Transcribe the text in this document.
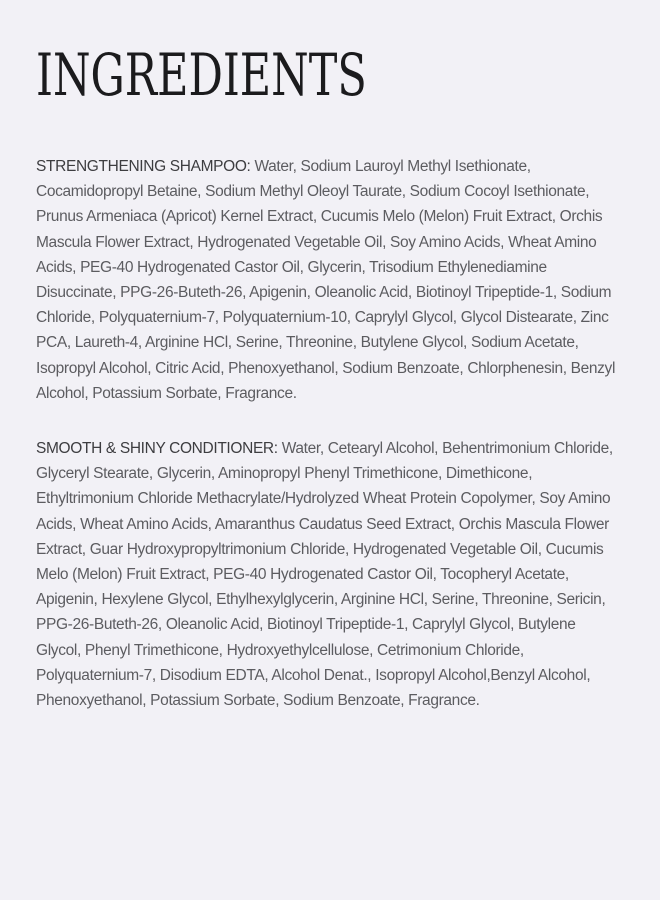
INGREDIENTS

STRENGTHENING SHAMPOO: Water, Sodium Lauroyl Methyl Isethionate, Cocamidopropyl Betaine, Sodium Methyl Oleoyl Taurate, Sodium Cocoyl Isethionate, Prunus Armeniaca (Apricot) Kernel Extract, Cucumis Melo (Melon) Fruit Extract, Orchis Mascula Flower Extract, Hydrogenated Vegetable Oil, Soy Amino Acids, Wheat Amino Acids, PEG-40 Hydrogenated Castor Oil, Glycerin, Trisodium Ethylenediamine Disuccinate, PPG-26-Buteth-26, Apigenin, Oleanolic Acid, Biotinoyl Tripeptide-1, Sodium Chloride, Polyquaternium-7, Polyquaternium-10, Caprylyl Glycol, Glycol Distearate, Zinc PCA, Laureth-4, Arginine HCl, Serine, Threonine, Butylene Glycol, Sodium Acetate, Isopropyl Alcohol, Citric Acid, Phenoxyethanol, Sodium Benzoate, Chlorphenesin, Benzyl Alcohol, Potassium Sorbate, Fragrance.

SMOOTH & SHINY CONDITIONER: Water, Cetearyl Alcohol, Behentrimonium Chloride, Glyceryl Stearate, Glycerin, Aminopropyl Phenyl Trimethicone, Dimethicone, Ethyltrimonium Chloride Methacrylate/Hydrolyzed Wheat Protein Copolymer, Soy Amino Acids, Wheat Amino Acids, Amaranthus Caudatus Seed Extract, Orchis Mascula Flower Extract, Guar Hydroxypropyltrimonium Chloride, Hydrogenated Vegetable Oil, Cucumis Melo (Melon) Fruit Extract, PEG-40 Hydrogenated Castor Oil, Tocopheryl Acetate, Apigenin, Hexylene Glycol, Ethylhexylglycerin, Arginine HCl, Serine, Threonine, Sericin, PPG-26-Buteth-26, Oleanolic Acid, Biotinoyl Tripeptide-1, Caprylyl Glycol, Butylene Glycol, Phenyl Trimethicone, Hydroxyethylcellulose, Cetrimonium Chloride, Polyquaternium-7, Disodium EDTA, Alcohol Denat., Isopropyl Alcohol,Benzyl Alcohol, Phenoxyethanol, Potassium Sorbate, Sodium Benzoate, Fragrance.
